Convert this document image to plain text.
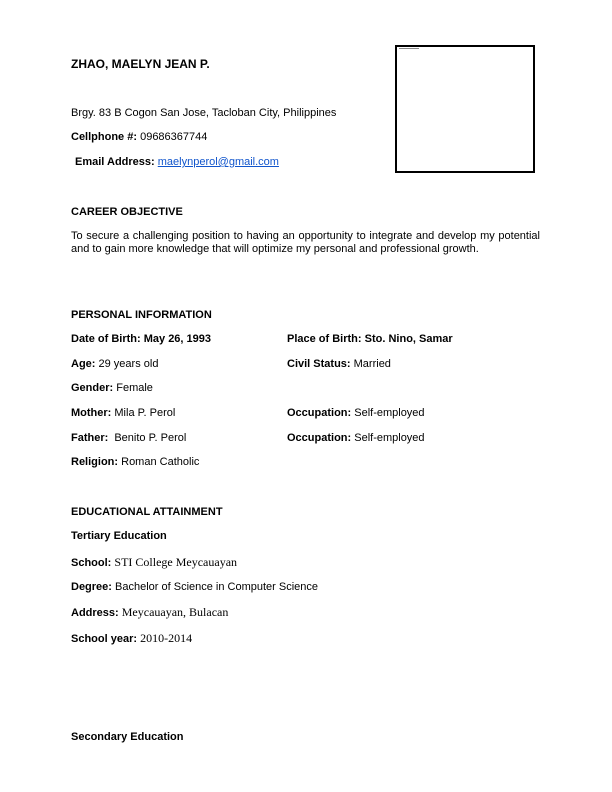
ZHAO, MAELYN JEAN P.
Brgy. 83 B Cogon San Jose, Tacloban City, Philippines
Cellphone #: 09686367744
Email Address: maelynperol@gmail.com
CAREER OBJECTIVE
To secure a challenging position to having an opportunity to integrate and develop my potential and to gain more knowledge that will optimize my personal and professional growth.
PERSONAL INFORMATION
Date of Birth: May 26, 1993	Place of Birth: Sto. Nino, Samar
Age: 29 years old	Civil Status: Married
Gender: Female
Mother: Mila P. Perol	Occupation: Self-employed
Father: Benito P. Perol	Occupation: Self-employed
Religion: Roman Catholic
EDUCATIONAL ATTAINMENT
Tertiary Education
School: STI College Meycauayan
Degree: Bachelor of Science in Computer Science
Address: Meycauayan, Bulacan
School year: 2010-2014
Secondary Education
